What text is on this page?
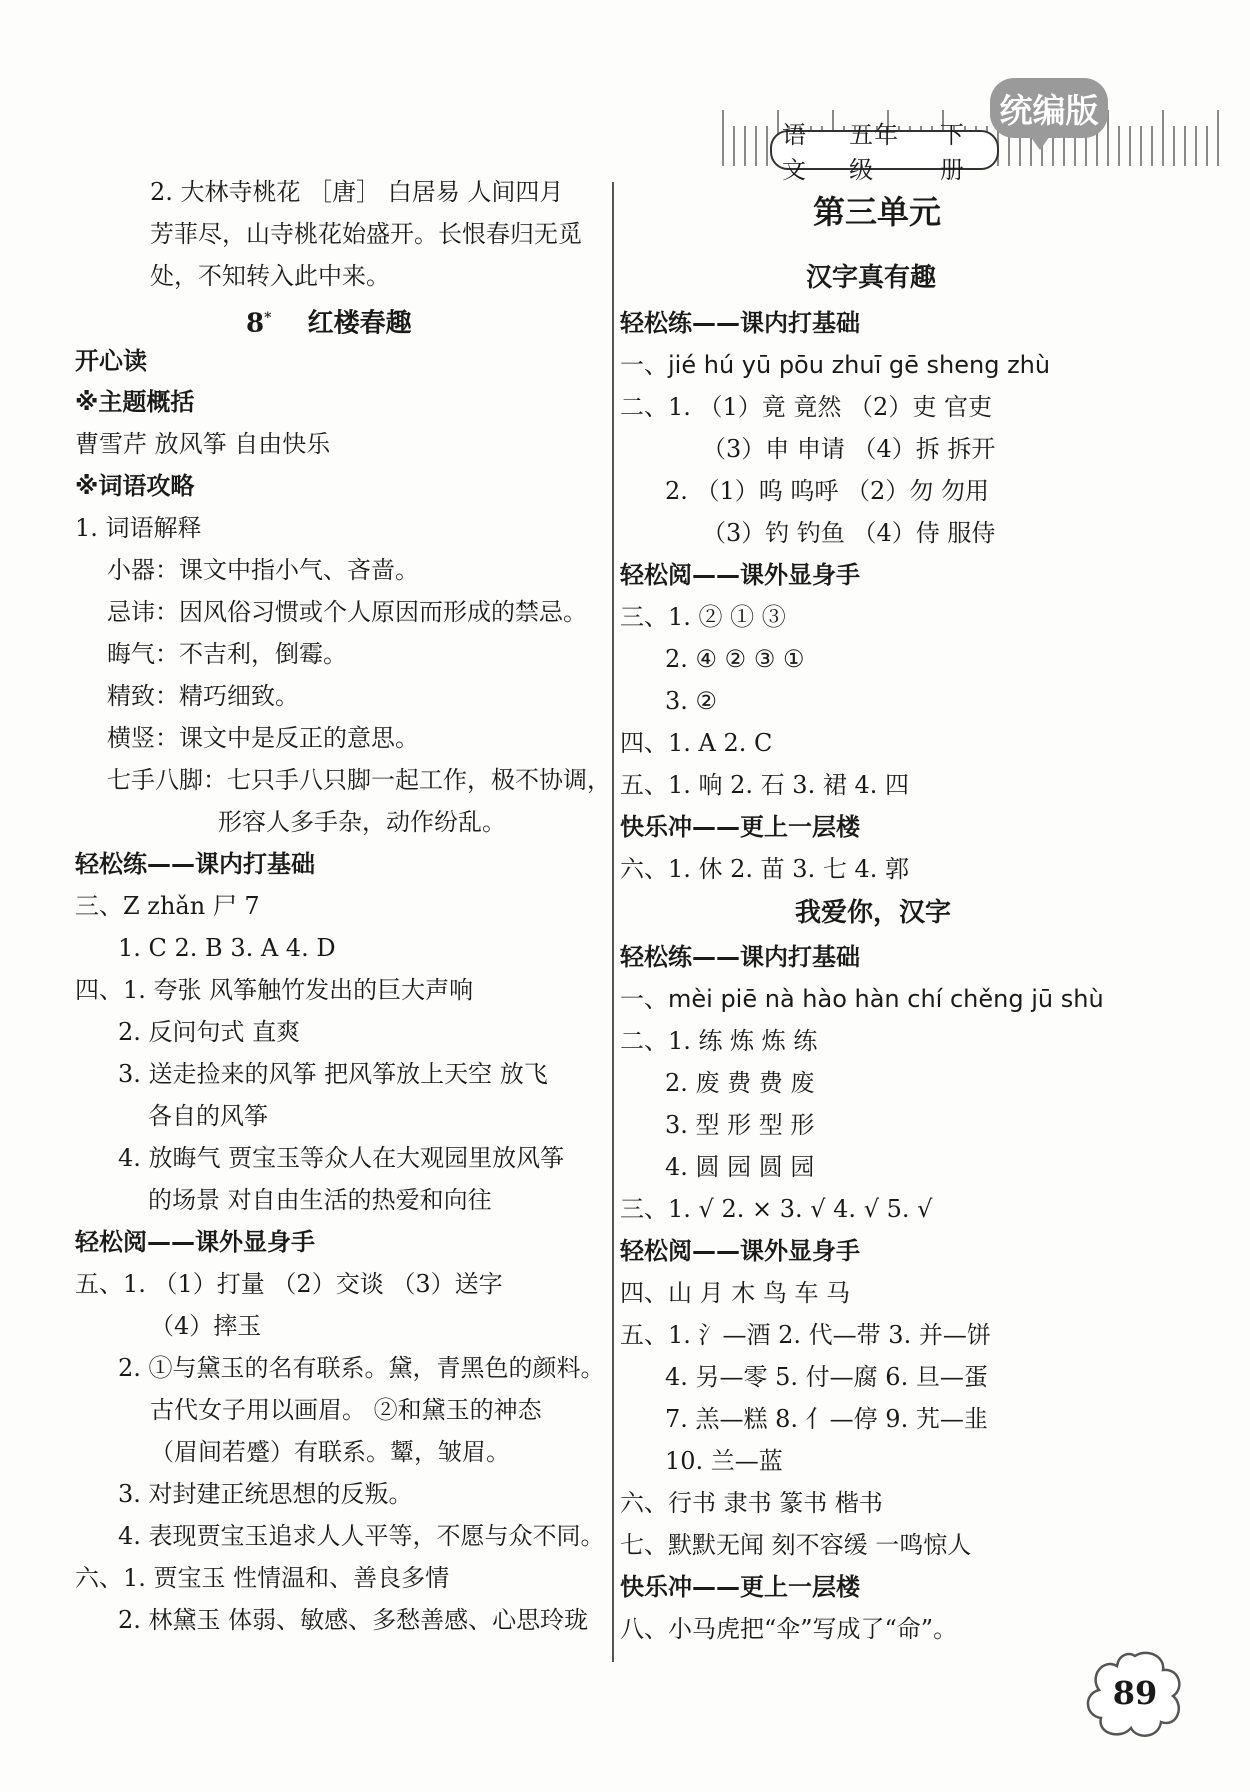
统编版
语文
五年级
下册
2. 大林寺桃花 ［唐］ 白居易 人间四月
芳菲尽，山寺桃花始盛开。长恨春归无觅
处，不知转入此中来。
8* 红楼春趣
开心读
※主题概括
曹雪芹 放风筝 自由快乐
※词语攻略
1. 词语解释
小器：课文中指小气、吝啬。
忌讳：因风俗习惯或个人原因而形成的禁忌。
晦气：不吉利，倒霉。
精致：精巧细致。
横竖：课文中是反正的意思。
七手八脚：七只手八只脚一起工作，极不协调，
形容人多手杂，动作纷乱。
轻松练——课内打基础
三、Z zhǎn 尸 7
1. C 2. B 3. A 4. D
四、1. 夸张 风筝触竹发出的巨大声响
2. 反问句式 直爽
3. 送走捡来的风筝 把风筝放上天空 放飞
各自的风筝
4. 放晦气 贾宝玉等众人在大观园里放风筝
的场景 对自由生活的热爱和向往
轻松阅——课外显身手
五、1. （1）打量 （2）交谈 （3）送字
（4）摔玉
2. ①与黛玉的名有联系。黛，青黑色的颜料。
古代女子用以画眉。 ②和黛玉的神态
（眉间若蹙）有联系。颦，皱眉。
3. 对封建正统思想的反叛。
4. 表现贾宝玉追求人人平等，不愿与众不同。
六、1. 贾宝玉 性情温和、善良多情
2. 林黛玉 体弱、敏感、多愁善感、心思玲珑
第三单元
汉字真有趣
轻松练——课内打基础
一、jié hú yū pōu zhuī gē sheng zhù
二、1. （1）竟 竟然 （2）吏 官吏
（3）申 申请 （4）拆 拆开
2. （1）呜 呜呼 （2）勿 勿用
（3）钓 钓鱼 （4）侍 服侍
轻松阅——课外显身手
三、1. ② ① ③
2. ④ ② ③ ①
3. ②
四、1. A 2. C
五、1. 响 2. 石 3. 裙 4. 四
快乐冲——更上一层楼
六、1. 休 2. 苗 3. 七 4. 郭
我爱你，汉字
轻松练——课内打基础
一、mèi piē nà hào hàn chí chěng jū shù
二、1. 练 炼 炼 练
2. 废 费 费 废
3. 型 形 型 形
4. 圆 园 圆 园
三、1. √ 2. × 3. √ 4. √ 5. √
轻松阅——课外显身手
四、山 月 木 鸟 车 马
五、1. 氵—酒 2. 代—带 3. 并—饼
4. 另—零 5. 付—腐 6. 旦—蛋
7. 羔—糕 8. 亻—停 9. 艽—韭
10. 兰—蓝
六、行书 隶书 篆书 楷书
七、默默无闻 刻不容缓 一鸣惊人
快乐冲——更上一层楼
八、小马虎把“伞”写成了“命”。
89
